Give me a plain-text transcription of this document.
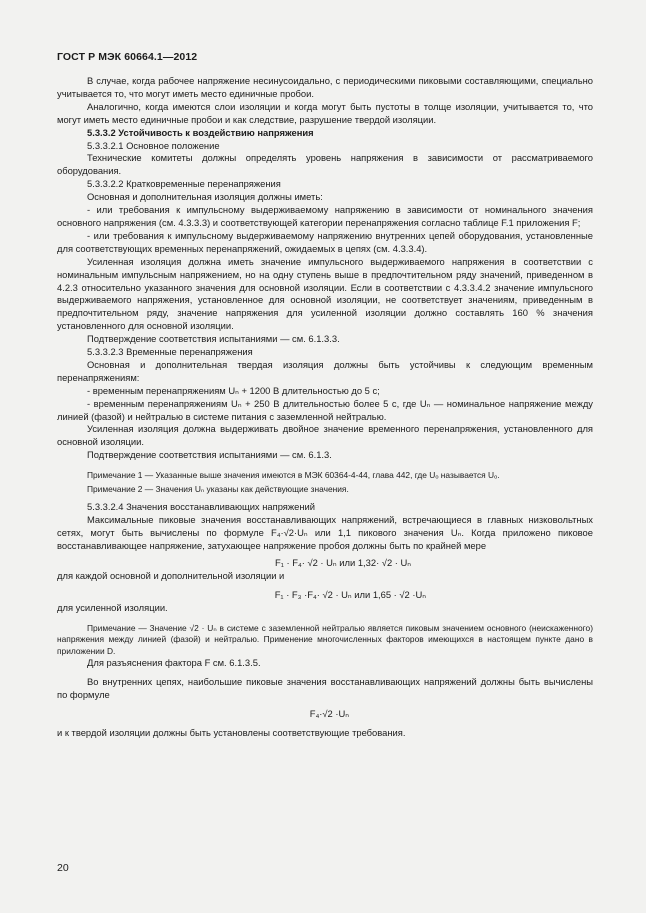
ГОСТ Р МЭК 60664.1—2012

В случае, когда рабочее напряжение несинусоидально, с периодическими пиковыми составляющими, специально учитывается то, что могут иметь место единичные пробои.

Аналогично, когда имеются слои изоляции и когда могут быть пустоты в толще изоляции, учитывается то, что могут иметь место единичные пробои и как следствие, разрушение твердой изоляции.

5.3.3.2 Устойчивость к воздействию напряжения

5.3.3.2.1 Основное положение

Технические комитеты должны определять уровень напряжения в зависимости от рассматриваемого оборудования.

5.3.3.2.2 Кратковременные перенапряжения

Основная и дополнительная изоляция должны иметь:

- или требования к импульсному выдерживаемому напряжению в зависимости от номинального значения основного напряжения (см. 4.3.3.3) и соответствующей категории перенапряжения согласно таблице F.1 приложения F;

- или требования к импульсному выдерживаемому напряжению внутренних цепей оборудования, установленные для соответствующих временных перенапряжений, ожидаемых в цепях (см. 4.3.3.4).

Усиленная изоляция должна иметь значение импульсного выдерживаемого напряжения в соответствии с номинальным импульсным напряжением, но на одну ступень выше в предпочтительном ряду значений, приведенном в 4.2.3 относительно указанного значения для основной изоляции. Если в соответствии с 4.3.3.4.2 значение импульсного выдерживаемого напряжения, установленное для основной изоляции, не соответствует значениям, приведенным в предпочтительном ряду, значение напряжения для усиленной изоляции должно составлять 160 % значения установленного для основной изоляции.

Подтверждение соответствия испытаниями — см. 6.1.3.3.

5.3.3.2.3 Временные перенапряжения

Основная и дополнительная твердая изоляция должны быть устойчивы к следующим временным перенапряжениям:

- временным перенапряжениям Uₙ + 1200 В длительностью до 5 с;

- временным перенапряжениям Uₙ + 250 В длительностью более 5 с, где Uₙ — номинальное напряжение между линией (фазой) и нейтралью в системе питания с заземленной нейтралью.

Усиленная изоляция должна выдерживать двойное значение временного перенапряжения, установленного для основной изоляции.

Подтверждение соответствия испытаниями — см. 6.1.3.

Примечание 1 — Указанные выше значения имеются в МЭК 60364-4-44, глава 442, где Uₒ называется Uₒ.

Примечание 2 — Значения Uₙ указаны как действующие значения.

5.3.3.2.4 Значения восстанавливающих напряжений

Максимальные пиковые значения восстанавливающих напряжений, встречающиеся в главных низковольтных сетях, могут быть вычислены по формуле F₄·√2·Uₙ или 1,1 пикового значения Uₙ. Когда приложено пиковое восстанавливающее напряжение, затухающее напряжение пробоя должны быть по крайней мере

F₁ · F₄· √2 · Uₙ или 1,32· √2 · Uₙ

для каждой основной и дополнительной изоляции и

F₁ · F₃ ·F₄· √2 · Uₙ или 1,65 · √2 ·Uₙ

для усиленной изоляции.

Примечание — Значение √2 · Uₙ в системе с заземленной нейтралью является пиковым значением основного (неискаженного) напряжения между линией (фазой) и нейтралью. Применение многочисленных факторов имеющихся в настоящем пункте дано в приложении D.

Для разъяснения фактора F см. 6.1.3.5.

Во внутренних цепях, наибольшие пиковые значения восстанавливающих напряжений должны быть вычислены по формуле

F₄·√2 ·Uₙ

и к твердой изоляции должны быть установлены соответствующие требования.

20
